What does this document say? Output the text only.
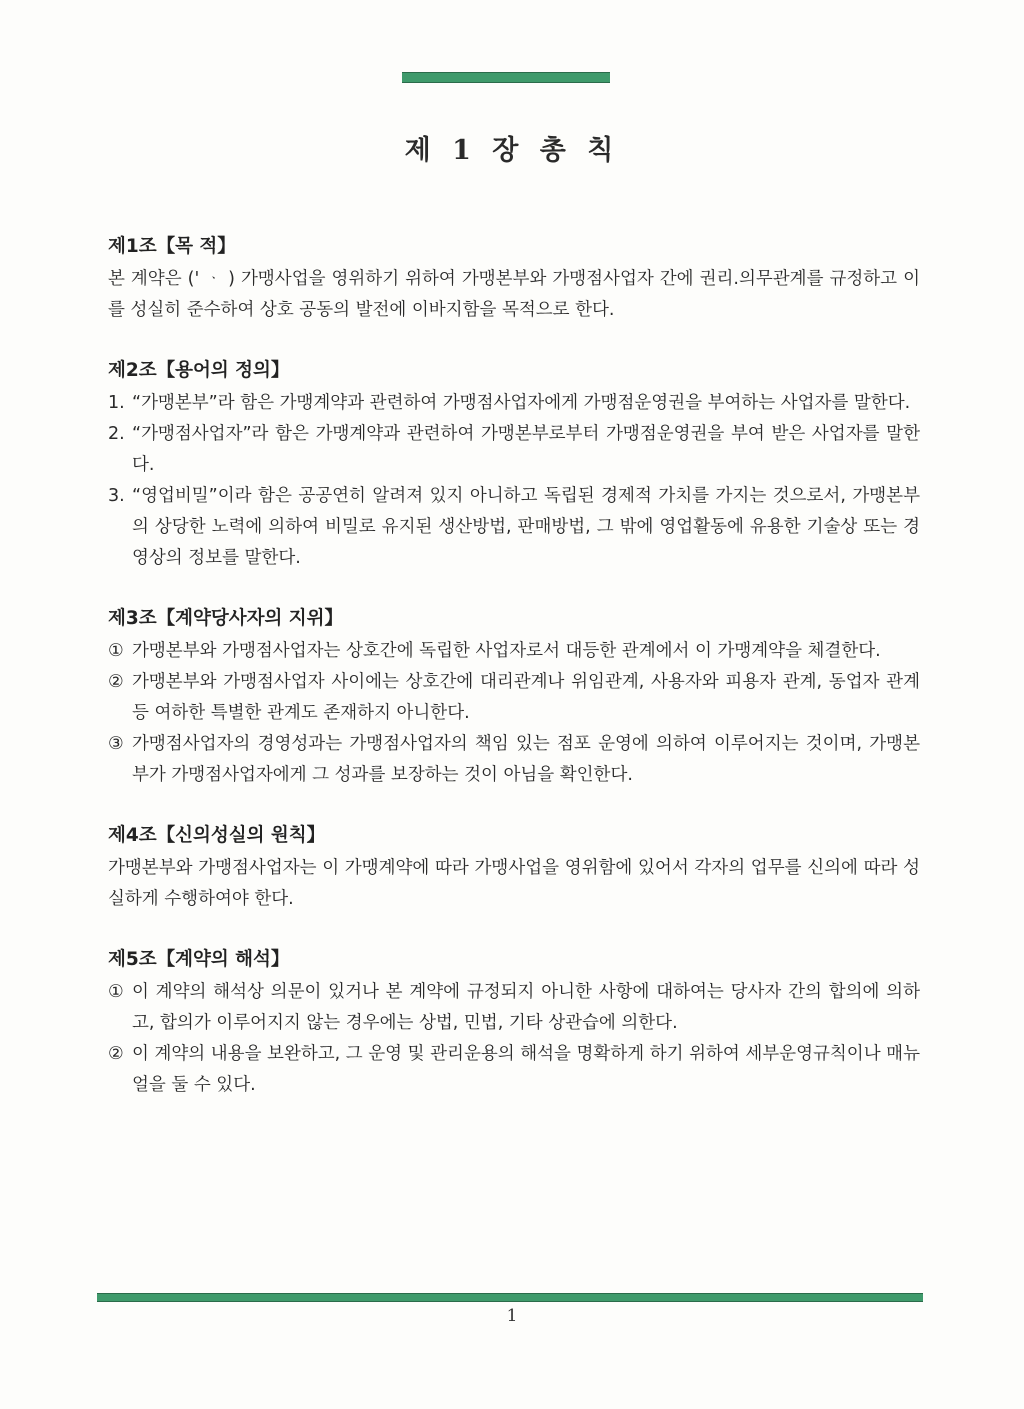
제 1 장 총 칙
제1조【목 적】
본 계약은 (' ᆞ ) 가맹사업을 영위하기 위하여 가맹본부와 가맹점사업자 간에 권리.의무관계를 규정하고 이를 성실히 준수하여 상호 공동의 발전에 이바지함을 목적으로 한다.
제2조【용어의 정의】
1. “가맹본부”라 함은 가맹계약과 관련하여 가맹점사업자에게 가맹점운영권을 부여하는 사업자를 말한다.
2. “가맹점사업자”라 함은 가맹계약과 관련하여 가맹본부로부터 가맹점운영권을 부여 받은 사업자를 말한다.
3. “영업비밀”이라 함은 공공연히 알려져 있지 아니하고 독립된 경제적 가치를 가지는 것으로서, 가맹본부의 상당한 노력에 의하여 비밀로 유지된 생산방법, 판매방법, 그 밖에 영업활동에 유용한 기술상 또는 경영상의 정보를 말한다.
제3조【계약당사자의 지위】
① 가맹본부와 가맹점사업자는 상호간에 독립한 사업자로서 대등한 관계에서 이 가맹계약을 체결한다.
② 가맹본부와 가맹점사업자 사이에는 상호간에 대리관계나 위임관계, 사용자와 피용자 관계, 동업자 관계 등 여하한 특별한 관계도 존재하지 아니한다.
③ 가맹점사업자의 경영성과는 가맹점사업자의 책임 있는 점포 운영에 의하여 이루어지는 것이며, 가맹본부가 가맹점사업자에게 그 성과를 보장하는 것이 아님을 확인한다.
제4조【신의성실의 원칙】
가맹본부와 가맹점사업자는 이 가맹계약에 따라 가맹사업을 영위함에 있어서 각자의 업무를 신의에 따라 성실하게 수행하여야 한다.
제5조【계약의 해석】
① 이 계약의 해석상 의문이 있거나 본 계약에 규정되지 아니한 사항에 대하여는 당사자 간의 합의에 의하고, 합의가 이루어지지 않는 경우에는 상법, 민법, 기타 상관습에 의한다.
② 이 계약의 내용을 보완하고, 그 운영 및 관리운용의 해석을 명확하게 하기 위하여 세부운영규칙이나 매뉴얼을 둘 수 있다.
1
